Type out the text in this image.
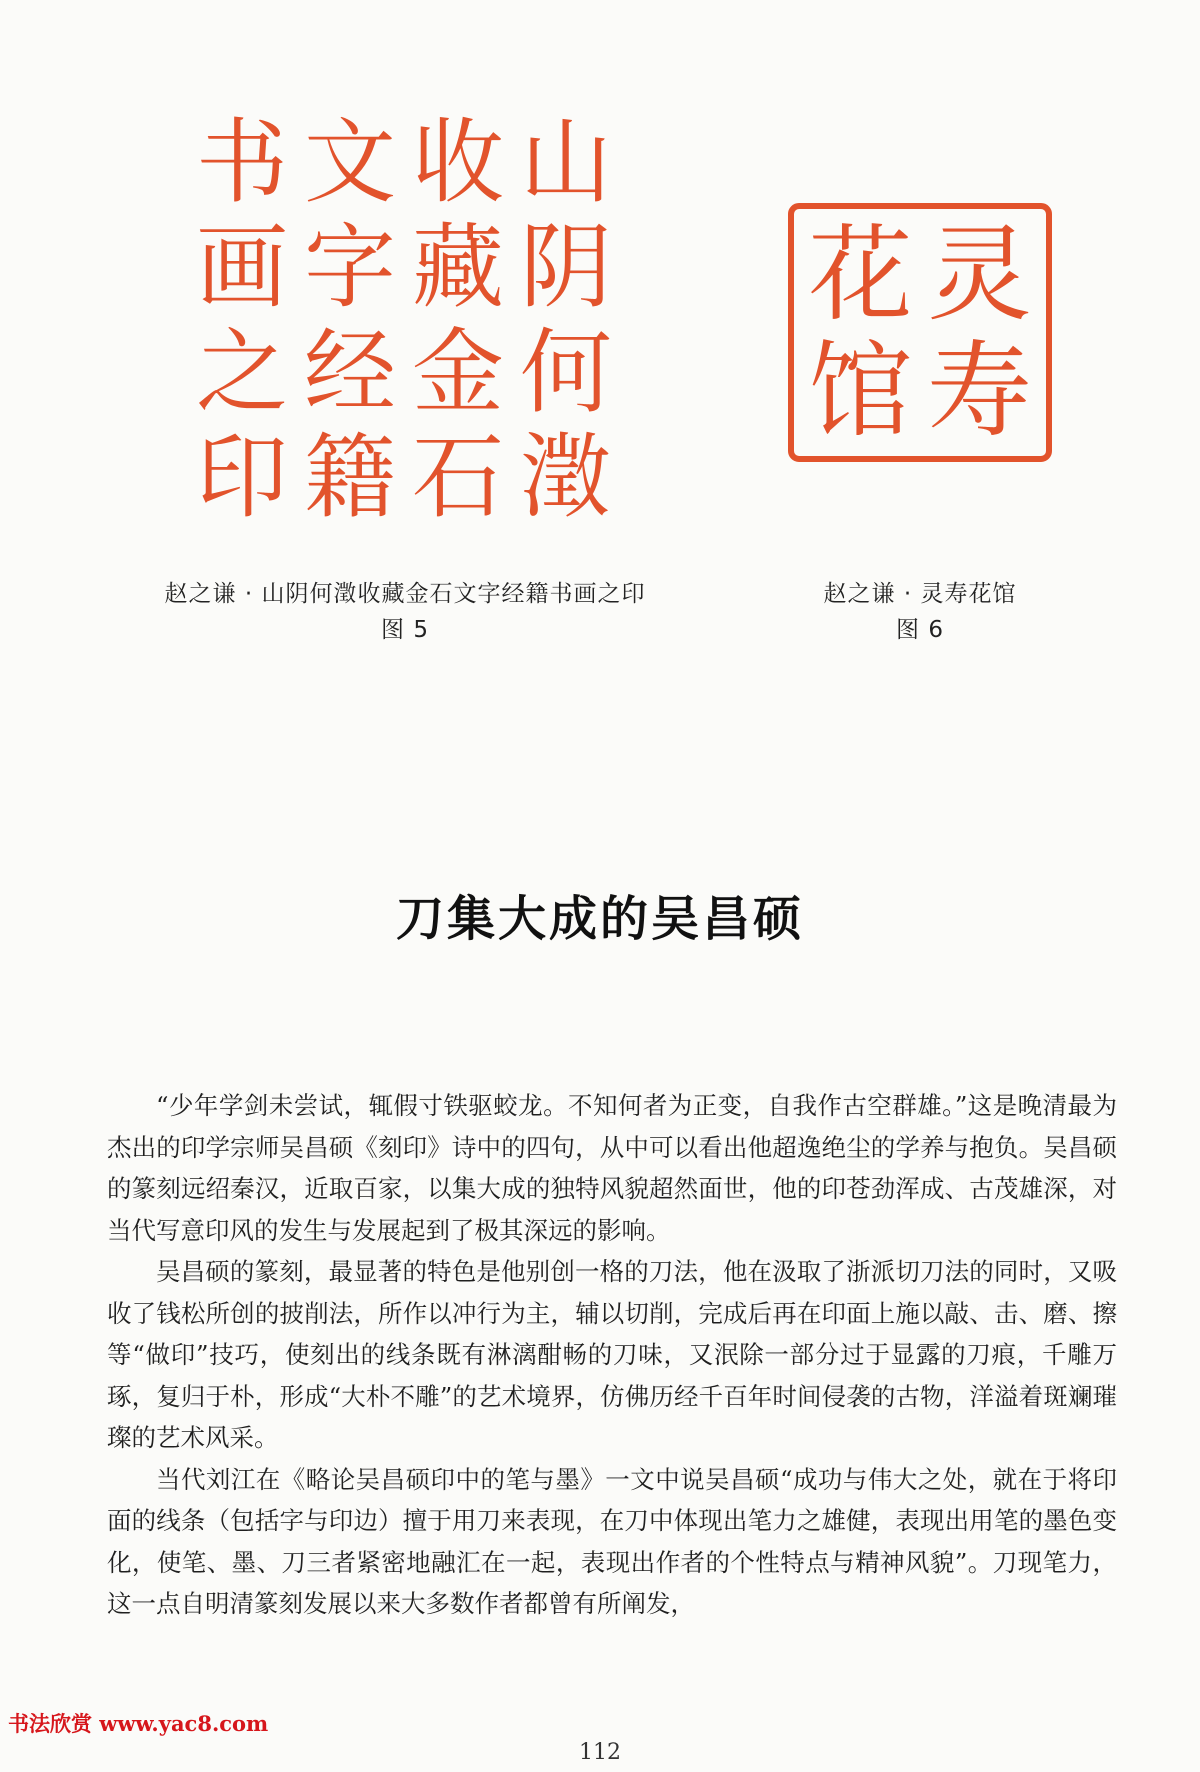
山
阴
何
澂
收
藏
金
石
文
字
经
籍
书
画
之
印
灵
寿
花
馆
赵之谦 · 山阴何澂收藏金石文字经籍书画之印
图 5
赵之谦 · 灵寿花馆
图 6
刀集大成的吴昌硕

“少年学剑未尝试，辄假寸铁驱蛟龙。不知何者为正变，自我作古空群雄。”这是晚清最为杰出的印学宗师吴昌硕《刻印》诗中的四句，从中可以看出他超逸绝尘的学养与抱负。吴昌硕的篆刻远绍秦汉，近取百家，以集大成的独特风貌超然面世，他的印苍劲浑成、古茂雄深，对当代写意印风的发生与发展起到了极其深远的影响。

吴昌硕的篆刻，最显著的特色是他别创一格的刀法，他在汲取了浙派切刀法的同时，又吸收了钱松所创的披削法，所作以冲行为主，辅以切削，完成后再在印面上施以敲、击、磨、擦等“做印”技巧，使刻出的线条既有淋漓酣畅的刀味，又泯除一部分过于显露的刀痕，千雕万琢，复归于朴，形成“大朴不雕”的艺术境界，仿佛历经千百年时间侵袭的古物，洋溢着斑斓璀璨的艺术风采。

当代刘江在《略论吴昌硕印中的笔与墨》一文中说吴昌硕“成功与伟大之处，就在于将印面的线条（包括字与印边）擅于用刀来表现，在刀中体现出笔力之雄健，表现出用笔的墨色变化，使笔、墨、刀三者紧密地融汇在一起，表现出作者的个性特点与精神风貌”。刀现笔力，这一点自明清篆刻发展以来大多数作者都曾有所阐发，

书法欣赏 www.yac8.com
112
